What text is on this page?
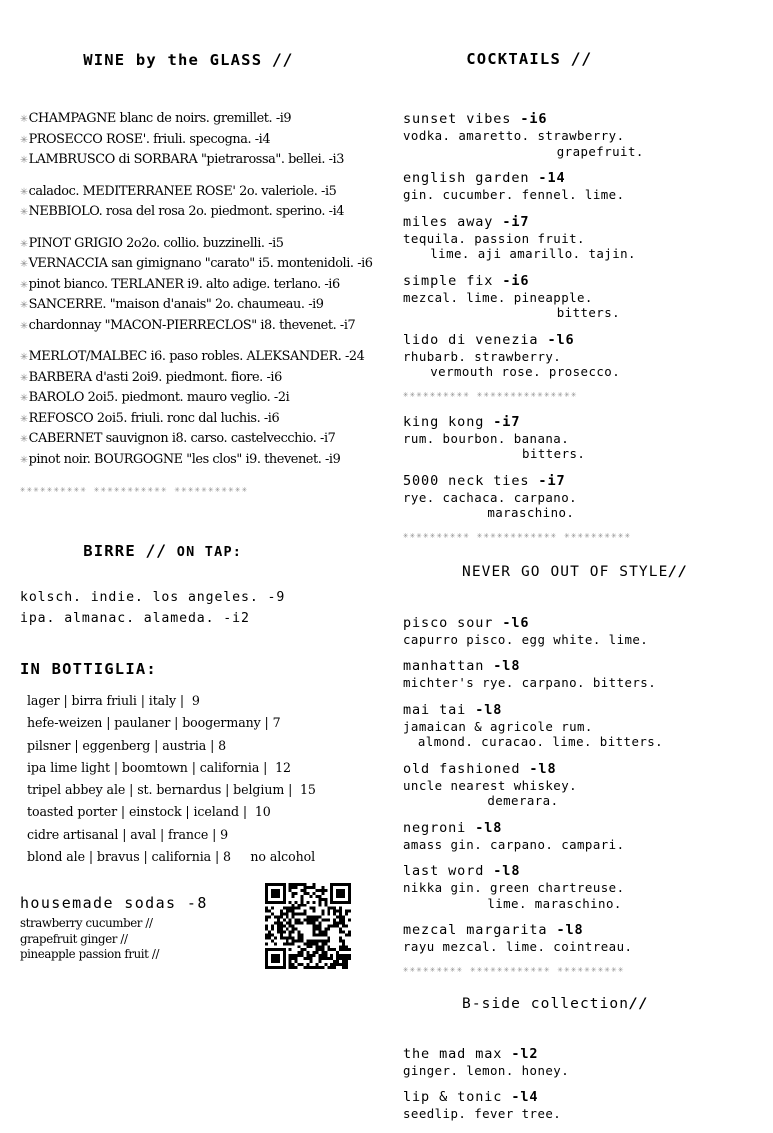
WINE by the GLASS //

✳CHAMPAGNE blanc de noirs. gremillet. -i9
✳PROSECCO ROSE'. friuli. specogna. -i4
✳LAMBRUSCO di SORBARA "pietrarossa". bellei. -i3
✳caladoc. MEDITERRANEE ROSE' 2o. valeriole. -i5
✳NEBBIOLO. rosa del rosa 2o. piedmont. sperino. -i4
✳PINOT GRIGIO 2o2o. collio. buzzinelli. -i5
✳VERNACCIA san gimignano "carato" i5. montenidoli. -i6
✳pinot bianco. TERLANER i9. alto adige. terlano. -i6
✳SANCERRE. "maison d'anais" 2o. chaumeau. -i9
✳chardonnay "MACON-PIERRECLOS" i8. thevenet. -i7
✳MERLOT/MALBEC i6. paso robles. ALEKSANDER. -24
✳BARBERA d'asti 2oi9. piedmont. fiore. -i6
✳BAROLO 2oi5. piedmont. mauro veglio. -2i
✳REFOSCO 2oi5. friuli. ronc dal luchis. -i6
✳CABERNET sauvignon i8. carso. castelvecchio. -i7
✳pinot noir. BOURGOGNE "les clos" i9. thevenet. -i9
✳✳✳✳✳✳✳✳✳✳ ✳✳✳✳✳✳✳✳✳✳✳ ✳✳✳✳✳✳✳✳✳✳✳

BIRRE // ON TAP:

kolsch. indie. los angeles. -9
ipa. almanac. alameda. -i2
IN BOTTIGLIA:
lager | birra friuli | italy |  9
hefe-weizen | paulaner | boogermany | 7
pilsner | eggenberg | austria | 8
ipa lime light | boomtown | california |  12
tripel abbey ale | st. bernardus | belgium |  15
toasted porter | einstock | iceland |  10
cidre artisanal | aval | france | 9
blond ale | bravus | california | 8     no alcohol
housemade sodas -8
strawberry cucumber //
grapefruit ginger //
pineapple passion fruit //

COCKTAILS //

sunset vibes -i6
vodka. amaretto. strawberry.
grapefruit.
english garden -14
gin. cucumber. fennel. lime.
miles away -i7
tequila. passion fruit.
lime. aji amarillo. tajin.
simple fix -i6
mezcal. lime. pineapple.
bitters.
lido di venezia -l6
rhubarb. strawberry.
vermouth rose. prosecco.
✳✳✳✳✳✳✳✳✳✳ ✳✳✳✳✳✳✳✳✳✳✳✳✳✳✳
king kong -i7
rum. bourbon. banana.
bitters.
5000 neck ties -i7
rye. cachaca. carpano.
maraschino.
✳✳✳✳✳✳✳✳✳✳ ✳✳✳✳✳✳✳✳✳✳✳✳ ✳✳✳✳✳✳✳✳✳✳

NEVER GO OUT OF STYLE//

pisco sour -l6
capurro pisco. egg white. lime.
manhattan -l8
michter's rye. carpano. bitters.
mai tai -l8
jamaican & agricole rum.
almond. curacao. lime. bitters.
old fashioned -l8
uncle nearest whiskey.
demerara.
negroni -l8
amass gin. carpano. campari.
last word -l8
nikka gin. green chartreuse.
lime. maraschino.
mezcal margarita -l8
rayu mezcal. lime. cointreau.
✳✳✳✳✳✳✳✳✳ ✳✳✳✳✳✳✳✳✳✳✳✳ ✳✳✳✳✳✳✳✳✳✳

B-side collection//

the mad max -l2
ginger. lemon. honey.
lip & tonic -l4
seedlip. fever tree.
